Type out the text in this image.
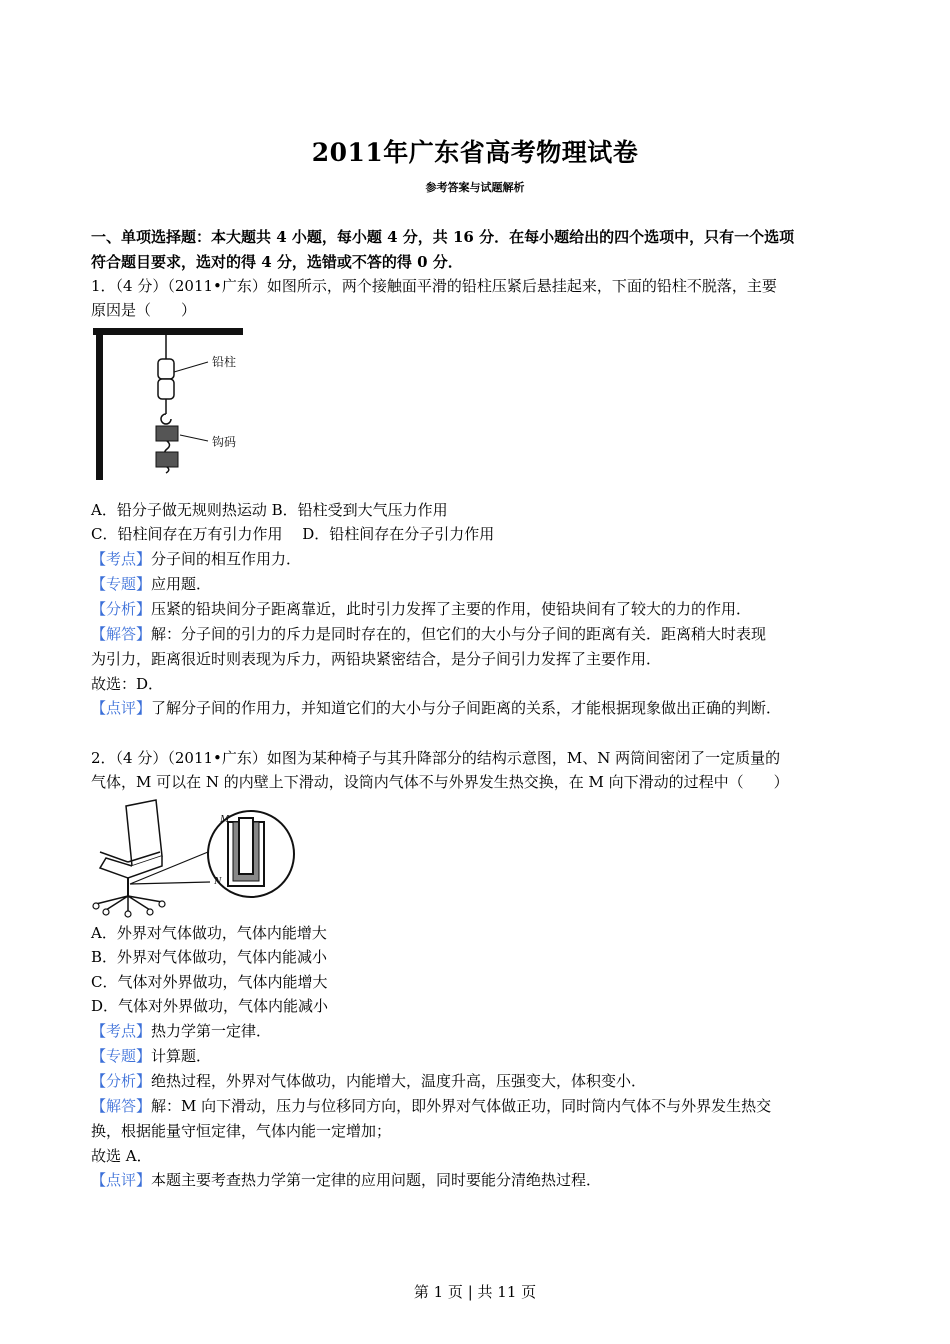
2011年广东省高考物理试卷
参考答案与试题解析
一、单项选择题：本大题共 4 小题，每小题 4 分，共 16 分．在每小题给出的四个选项中，只有一个选项
符合题目要求，选对的得 4 分，选错或不答的得 0 分．
1．（4 分）（2011•广东）如图所示，两个接触面平滑的铅柱压紧后悬挂起来，下面的铅柱不脱落，主要
原因是（　　）
铅柱
钩码
A．铅分子做无规则热运动 B．铅柱受到大气压力作用
C．铅柱间存在万有引力作用　 D．铅柱间存在分子引力作用
【考点】分子间的相互作用力．
【专题】应用题．
【分析】压紧的铅块间分子距离靠近，此时引力发挥了主要的作用，使铅块间有了较大的力的作用．
【解答】解：分子间的引力的斥力是同时存在的，但它们的大小与分子间的距离有关．距离稍大时表现
为引力，距离很近时则表现为斥力，两铅块紧密结合，是分子间引力发挥了主要作用．
故选：D．
【点评】了解分子间的作用力，并知道它们的大小与分子间距离的关系，才能根据现象做出正确的判断．
2．（4 分）（2011•广东）如图为某种椅子与其升降部分的结构示意图，M、N 两筒间密闭了一定质量的
气体，M 可以在 N 的内壁上下滑动，设筒内气体不与外界发生热交换，在 M 向下滑动的过程中（　　）
M
N
A．外界对气体做功，气体内能增大
B．外界对气体做功，气体内能减小
C．气体对外界做功，气体内能增大
D．气体对外界做功，气体内能减小
【考点】热力学第一定律．
【专题】计算题．
【分析】绝热过程，外界对气体做功，内能增大，温度升高，压强变大，体积变小．
【解答】解：M 向下滑动，压力与位移同方向，即外界对气体做正功，同时筒内气体不与外界发生热交
换，根据能量守恒定律，气体内能一定增加；
故选 A．
【点评】本题主要考查热力学第一定律的应用问题，同时要能分清绝热过程．
第 1 页 | 共 11 页
